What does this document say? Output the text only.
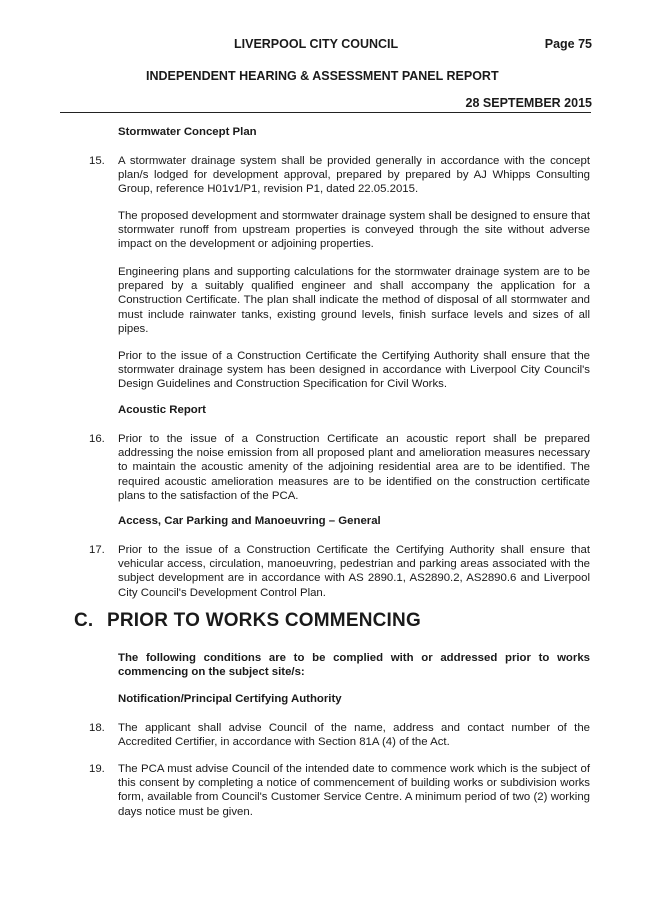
LIVERPOOL CITY COUNCIL	Page 75
INDEPENDENT HEARING & ASSESSMENT PANEL REPORT
28 SEPTEMBER 2015
Stormwater Concept Plan
15. A stormwater drainage system shall be provided generally in accordance with the concept plan/s lodged for development approval, prepared by prepared by AJ Whipps Consulting Group, reference H01v1/P1, revision P1, dated 22.05.2015.
The proposed development and stormwater drainage system shall be designed to ensure that stormwater runoff from upstream properties is conveyed through the site without adverse impact on the development or adjoining properties.
Engineering plans and supporting calculations for the stormwater drainage system are to be prepared by a suitably qualified engineer and shall accompany the application for a Construction Certificate. The plan shall indicate the method of disposal of all stormwater and must include rainwater tanks, existing ground levels, finish surface levels and sizes of all pipes.
Prior to the issue of a Construction Certificate the Certifying Authority shall ensure that the stormwater drainage system has been designed in accordance with Liverpool City Council's Design Guidelines and Construction Specification for Civil Works.
Acoustic Report
16. Prior to the issue of a Construction Certificate an acoustic report shall be prepared addressing the noise emission from all proposed plant and amelioration measures necessary to maintain the acoustic amenity of the adjoining residential area are to be identified. The required acoustic amelioration measures are to be identified on the construction certificate plans to the satisfaction of the PCA.
Access, Car Parking and Manoeuvring – General
17. Prior to the issue of a Construction Certificate the Certifying Authority shall ensure that vehicular access, circulation, manoeuvring, pedestrian and parking areas associated with the subject development are in accordance with AS 2890.1, AS2890.2, AS2890.6 and Liverpool City Council's Development Control Plan.
C. PRIOR TO WORKS COMMENCING
The following conditions are to be complied with or addressed prior to works commencing on the subject site/s:
Notification/Principal Certifying Authority
18. The applicant shall advise Council of the name, address and contact number of the Accredited Certifier, in accordance with Section 81A (4) of the Act.
19. The PCA must advise Council of the intended date to commence work which is the subject of this consent by completing a notice of commencement of building works or subdivision works form, available from Council's Customer Service Centre. A minimum period of two (2) working days notice must be given.
